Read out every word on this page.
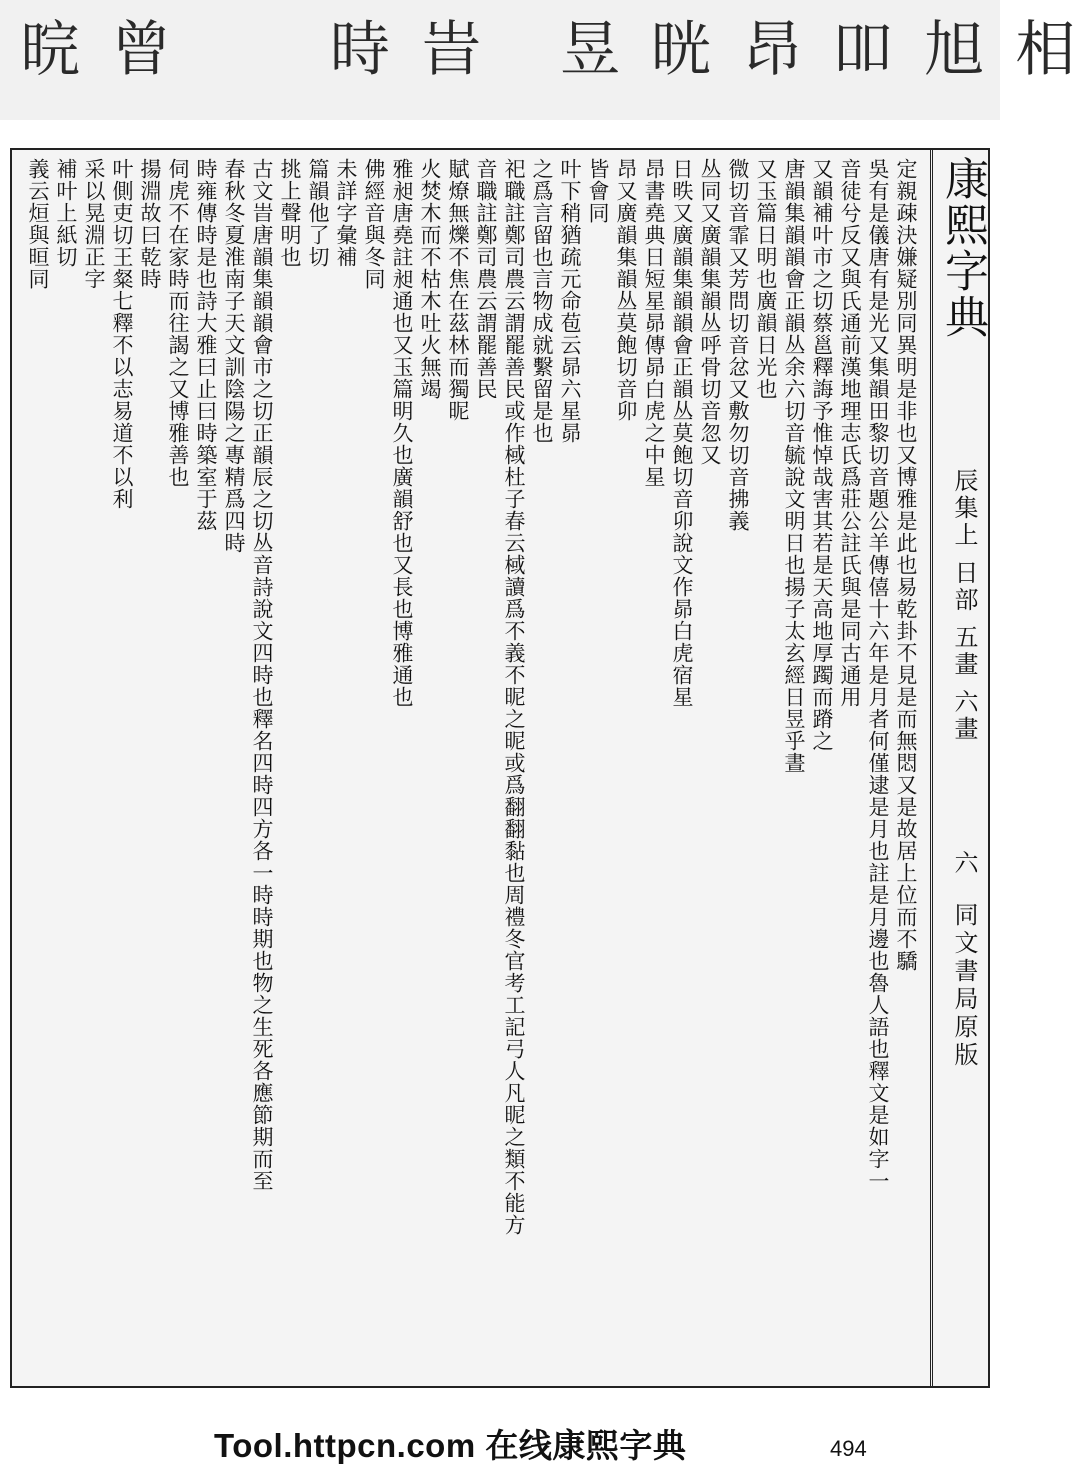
昱 晄 昂 吅 旭 相
時 旹
晥 曾
定親疎決嫌疑別同異明是非也又博雅是此也易乾卦不見是而無悶又是故居上位而不驕
吳有是儀唐有是光又集韻田黎切音題公羊傳僖十六年是月者何僅逮是月也註是月邊也魯人語也釋文是如字一
音徒兮反又與氏通前漢地理志氏爲莊公註氏與是同古通用
又韻補叶市之切蔡邕釋誨予惟悼哉害其若是天高地厚躅而蹐之
唐韻集韻韻會正韻丛余六切音毓說文明日也揚子太玄經日昱乎晝
又玉篇日明也廣韻日光也
微切音霏又芳問切音忿又敷勿切音拂義
丛同又廣韻集韻丛呼骨切音忽又
日昳又廣韻集韻韻會正韻丛莫飽切音卯說文作昴白虎宿星
昂書堯典日短星昴傳昴白虎之中星
昂又廣韻集韻丛莫飽切音卯
皆會同
叶下稍猶疏元命苞云昴六星昴
之爲言留也言物成就繫留是也
祀職註鄭司農云謂罷善民或作棫杜子春云棫讀爲不義不昵之昵或爲翻翻黏也周禮冬官考工記弓人凡昵之類不能方
音職註鄭司農云謂罷善民
賦燎無爍不焦在茲林而獨昵
火焚木而不枯木吐火無竭
雅昶唐堯註昶通也又玉篇明久也廣韻舒也又長也博雅通也
佛經音與冬同
未詳字彙補
篇韻他了切
挑上聲明也
古文旹唐韻集韻韻會市之切正韻辰之切丛音詩說文四時也釋名四時四方各一時時期也物之生死各應節期而至
春秋冬夏淮南子天文訓陰陽之專精爲四時
時雍傳時是也詩大雅曰止曰時築室于茲
伺虎不在家時而往謁之又博雅善也
揚淵故曰乾時
叶側吏切王粲七釋不以志易道不以利
采以晃淵正字
補叶上紙切
義云烜與晅同	康熙字典
辰集上 日部 五畫 六畫
六
同文書局原版
Tool.httpcn.com 在线康熙字典	494
